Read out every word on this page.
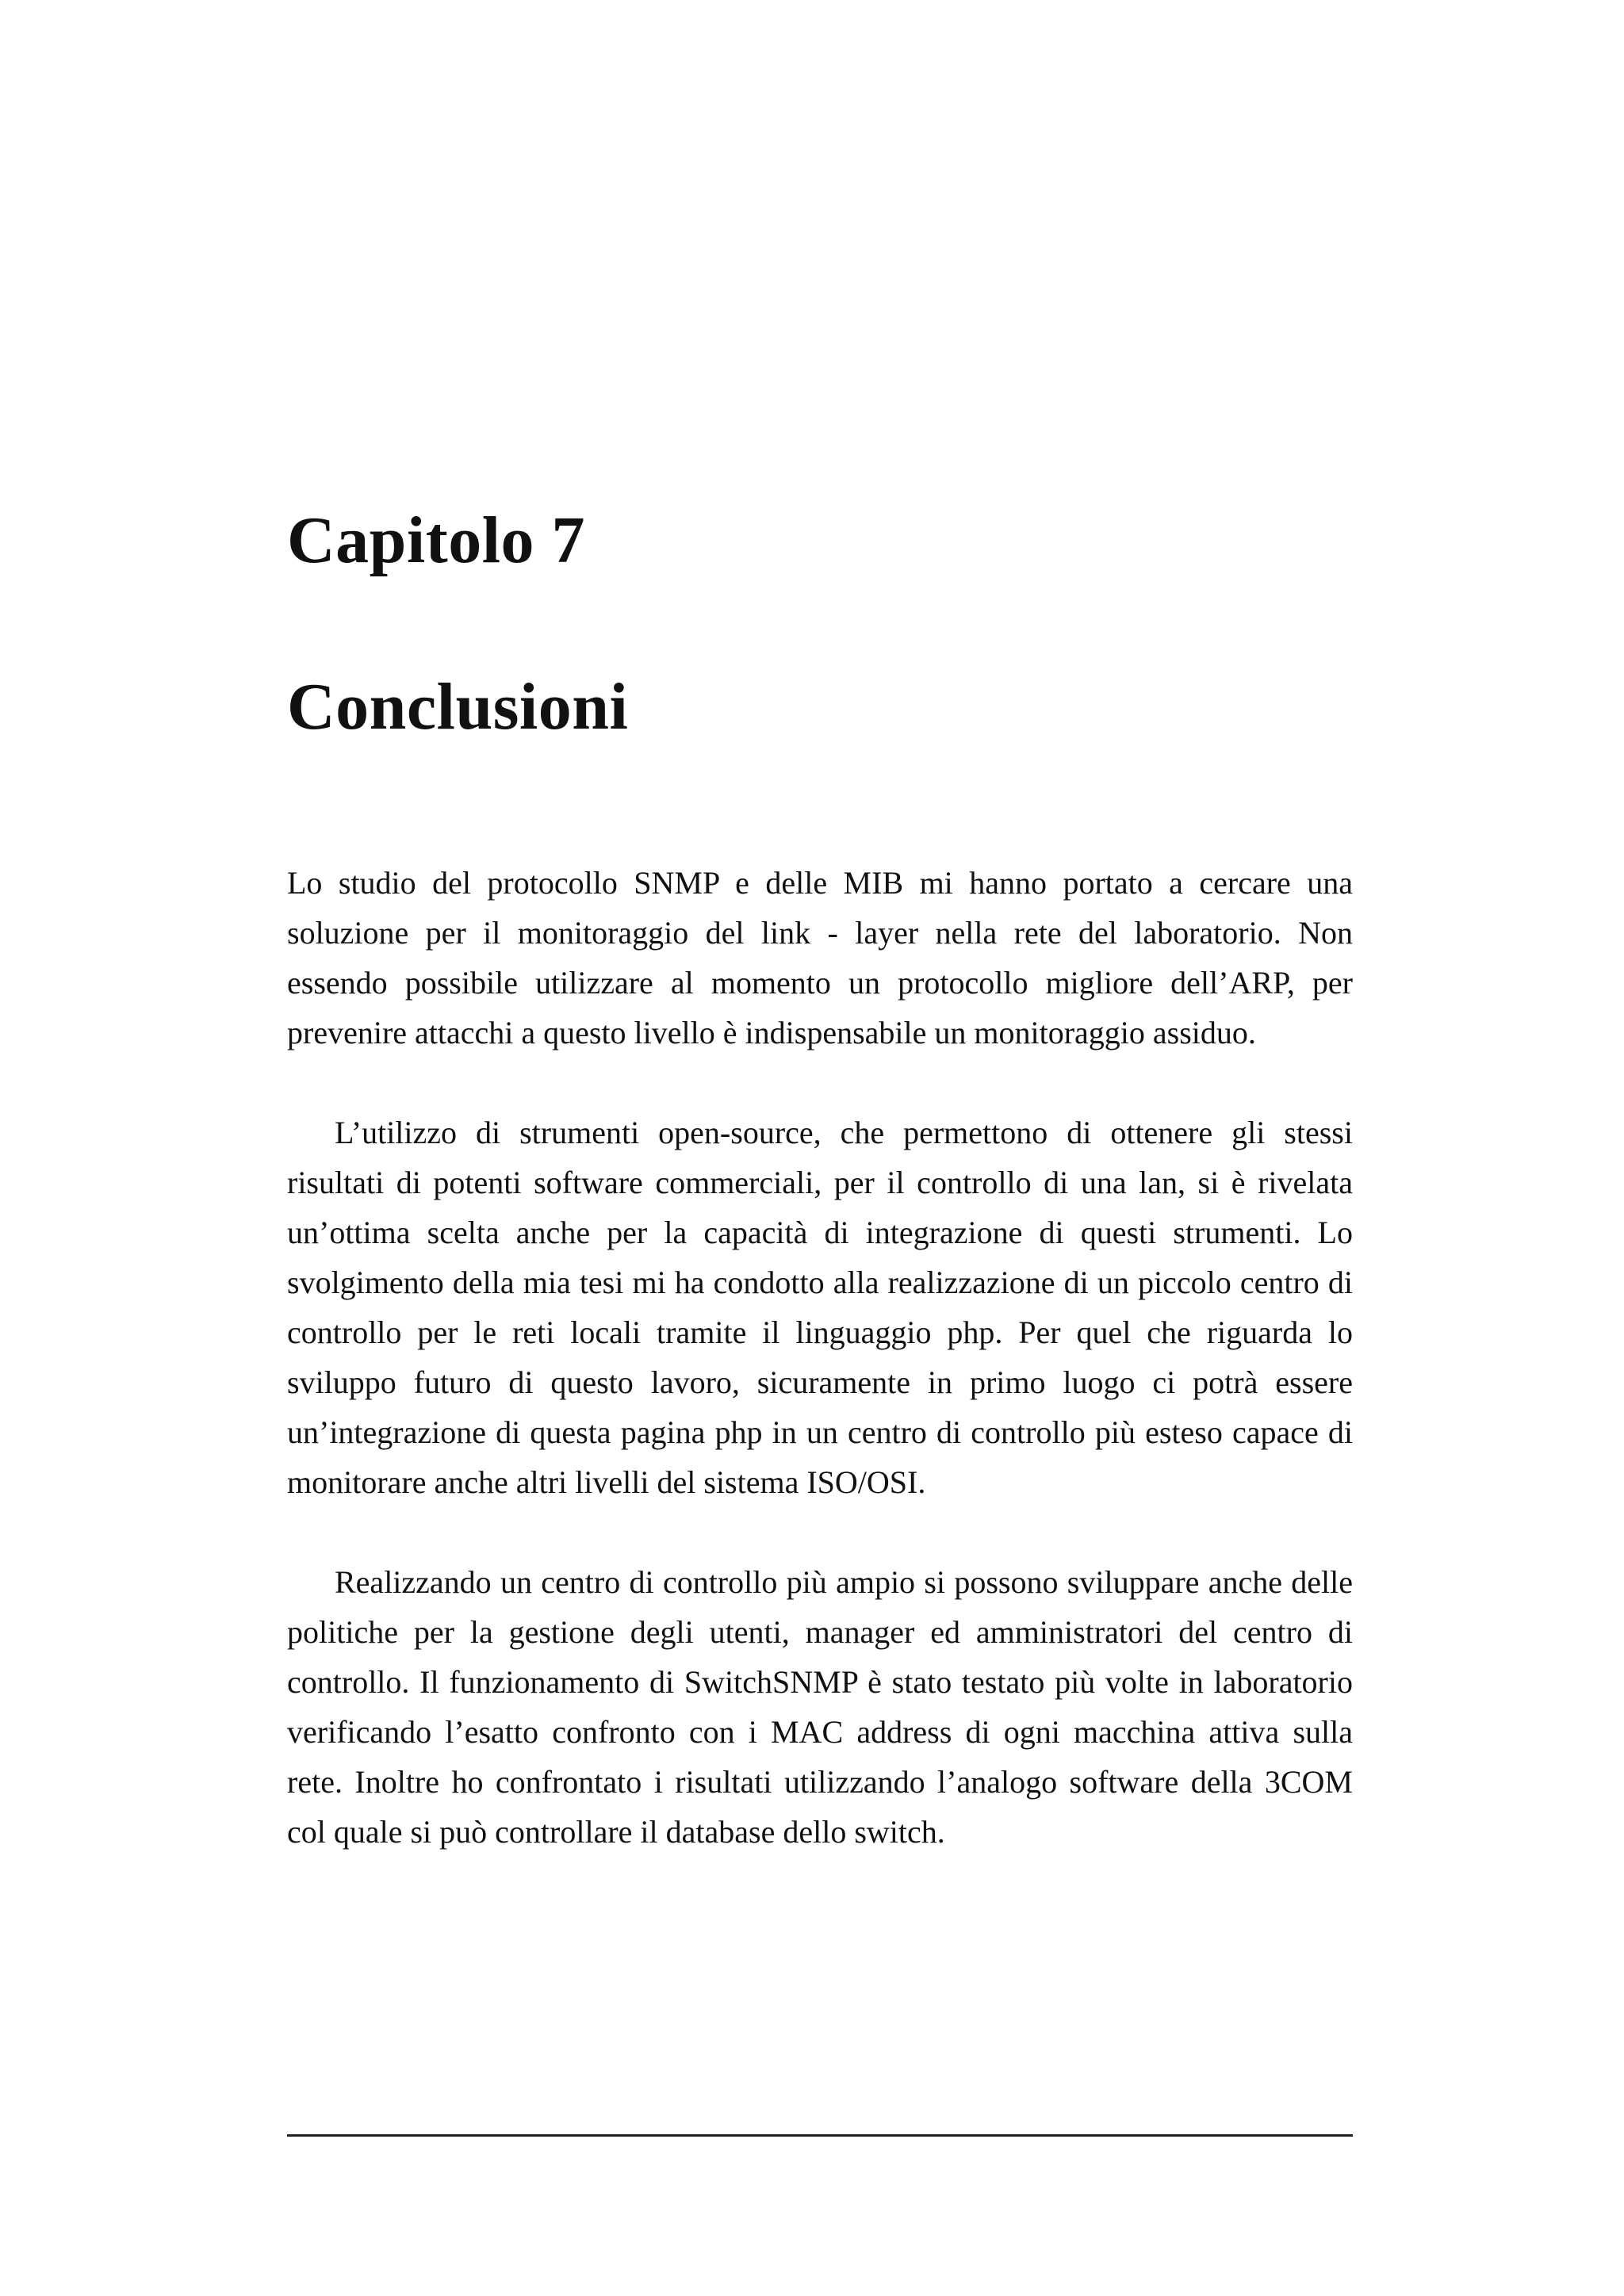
Capitolo 7
Conclusioni

Lo studio del protocollo SNMP e delle MIB mi hanno portato a cercare una soluzione per il monitoraggio del link - layer nella rete del laboratorio. Non essendo possibile utilizzare al momento un protocollo migliore dell’ARP, per prevenire attacchi a questo livello è indispensabile un monitoraggio assiduo.

L’utilizzo di strumenti open-source, che permettono di ottenere gli stessi risultati di potenti software commerciali, per il controllo di una lan, si è rivelata un’ottima scelta anche per la capacità di integrazione di questi strumenti. Lo svolgimento della mia tesi mi ha condotto alla realizzazione di un piccolo centro di controllo per le reti locali tramite il linguaggio php. Per quel che riguarda lo sviluppo futuro di questo lavoro, sicuramente in primo luogo ci potrà essere un’integrazione di questa pagina php in un centro di controllo più esteso capace di monitorare anche altri livelli del sistema ISO/OSI.

Realizzando un centro di controllo più ampio si possono sviluppare anche delle politiche per la gestione degli utenti, manager ed amministratori del centro di controllo. Il funzionamento di SwitchSNMP è stato testato più volte in laboratorio verificando l’esatto confronto con i MAC address di ogni macchina attiva sulla rete. Inoltre ho confrontato i risultati utilizzando l’analogo software della 3COM col quale si può controllare il database dello switch.
